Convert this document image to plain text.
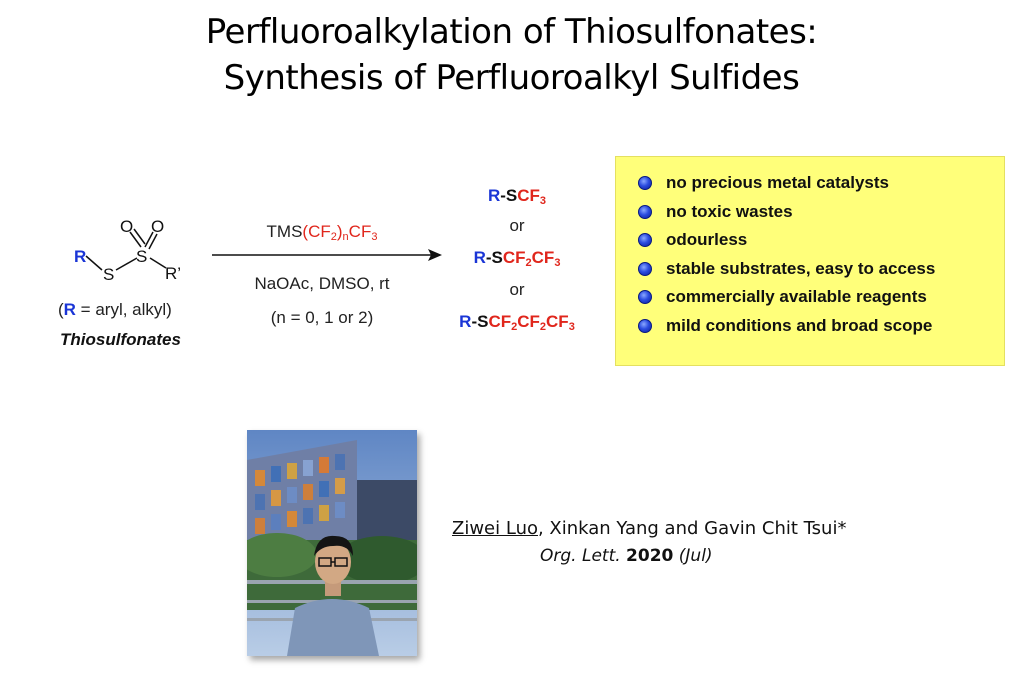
Perfluoroalkylation of Thiosulfonates:
Synthesis of Perfluoroalkyl Sulfides
R
S
S
O O
R’
(R = aryl, alkyl)
Thiosulfonates
$TMS(CF_2)_nCF_3$
NaOAc, DMSO, rt
(n = 0, 1 or 2)
$R-SCF_3$
or
$R-SCF_2CF_3$
or
$R-SCF_2CF_2CF_3$
no precious metal catalysts
no toxic wastes
odourless
stable substrates, easy to access
commercially available reagents
mild conditions and broad scope
Ziwei Luo, Xinkan Yang and Gavin Chit Tsui*
Org. Lett. 2020 (Jul)
